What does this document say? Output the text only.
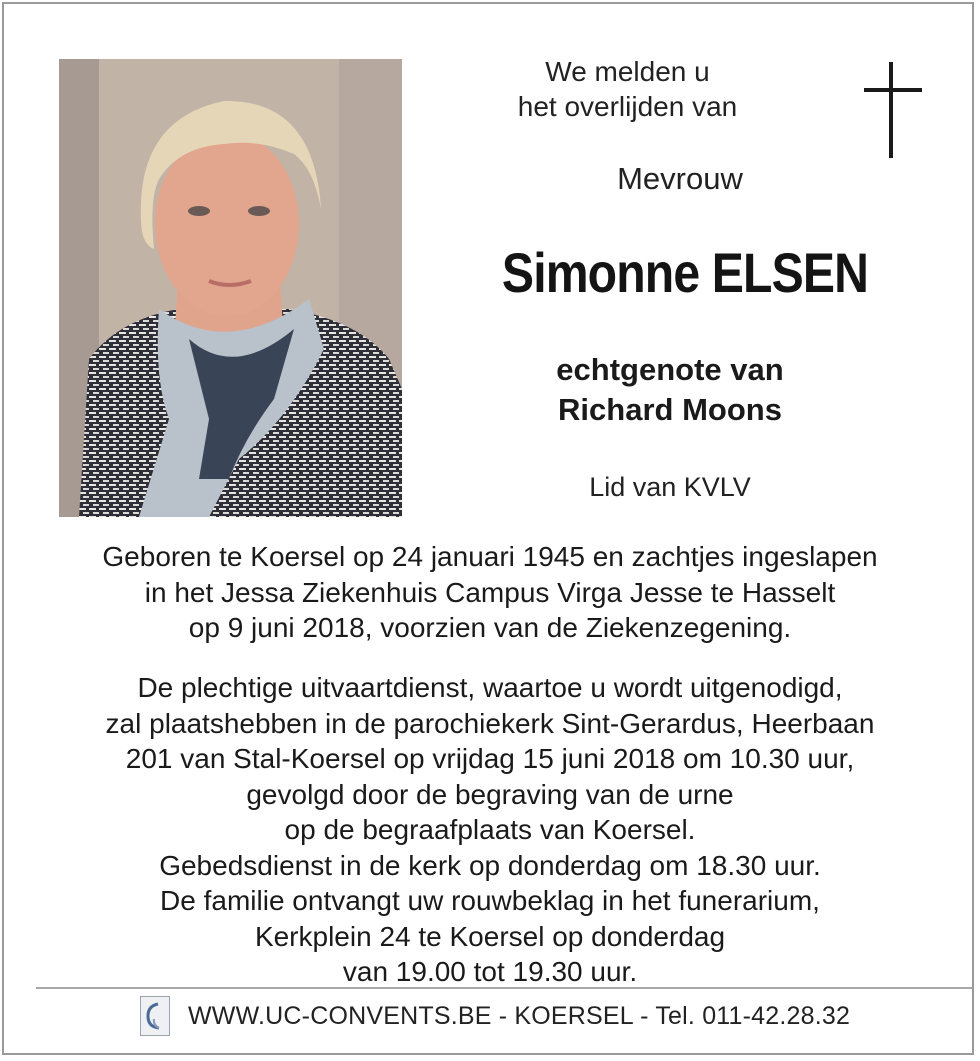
We melden u
het overlijden van
Mevrouw
Simonne ELSEN
echtgenote van
Richard Moons
Lid van KVLV
Geboren te Koersel op 24 januari 1945 en zachtjes ingeslapen
in het Jessa Ziekenhuis Campus Virga Jesse te Hasselt
op 9 juni 2018, voorzien van de Ziekenzegening.
De plechtige uitvaartdienst, waartoe u wordt uitgenodigd,
zal plaatshebben in de parochiekerk Sint-Gerardus, Heerbaan
201 van Stal-Koersel op vrijdag 15 juni 2018 om 10.30 uur,
gevolgd door de begraving van de urne
op de begraafplaats van Koersel.
Gebedsdienst in de kerk op donderdag om 18.30 uur.
De familie ontvangt uw rouwbeklag in het funerarium,
Kerkplein 24 te Koersel op donderdag
van 19.00 tot 19.30 uur.
WWW.UC-CONVENTS.BE - KOERSEL - Tel. 011-42.28.32
